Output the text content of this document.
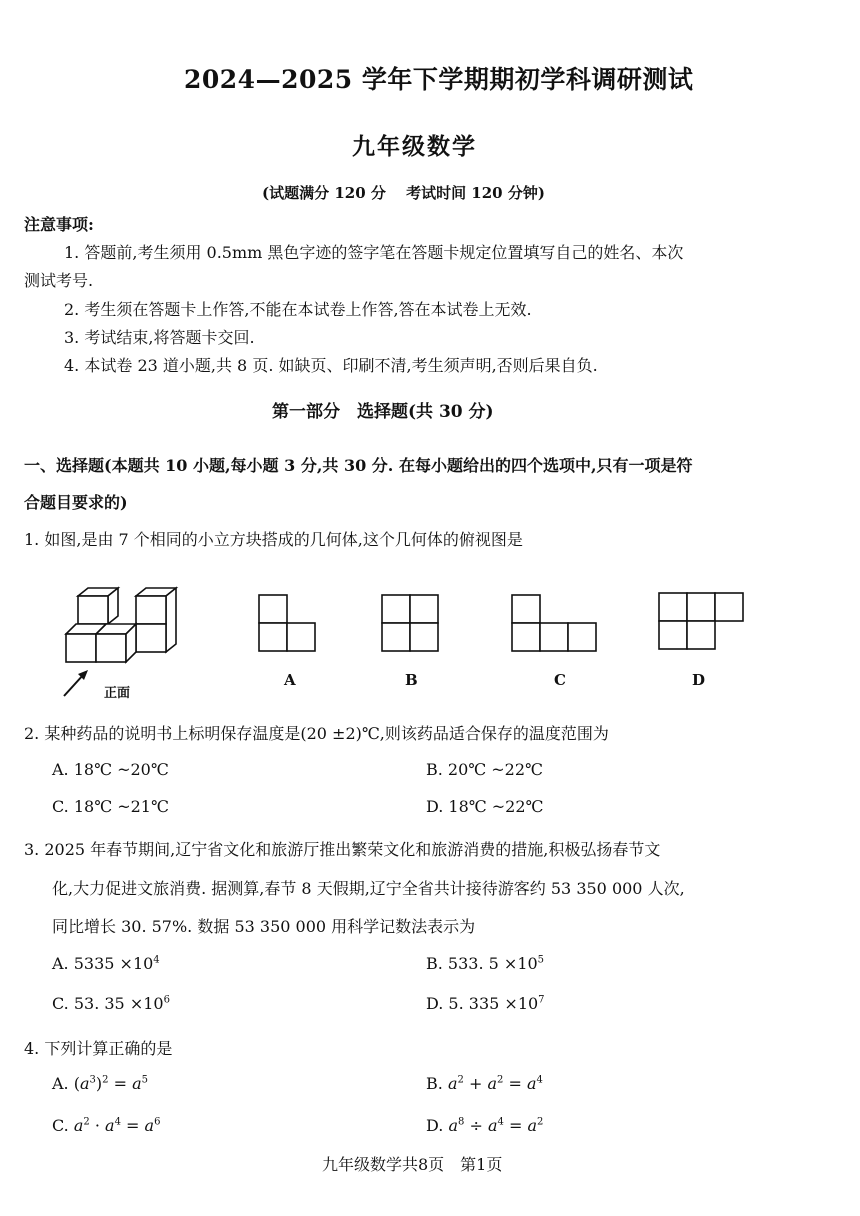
2024—2025 学年下学期期初学科调研测试
九年级数学
(试题满分 120 分　 考试时间 120 分钟)
注意事项:
1. 答题前,考生须用 0.5mm 黑色字迹的签字笔在答题卡规定位置填写自己的姓名、本次
测试考号.
2. 考生须在答题卡上作答,不能在本试卷上作答,答在本试卷上无效.
3. 考试结束,将答题卡交回.
4. 本试卷 23 道小题,共 8 页. 如缺页、印刷不清,考生须声明,否则后果自负.
第一部分　选择题(共 30 分)
一、选择题(本题共 10 小题,每小题 3 分,共 30 分. 在每小题给出的四个选项中,只有一项是符
合题目要求的)
1. 如图,是由 7 个相同的小立方块搭成的几何体,这个几何体的俯视图是
正面
A	B	C	D
2. 某种药品的说明书上标明保存温度是(20 ±2)℃,则该药品适合保存的温度范围为
A. 18℃ ~20℃	B. 20℃ ~22℃
C. 18℃ ~21℃	D. 18℃ ~22℃
3. 2025 年春节期间,辽宁省文化和旅游厅推出繁荣文化和旅游消费的措施,积极弘扬春节文
化,大力促进文旅消费. 据测算,春节 8 天假期,辽宁全省共计接待游客约 53 350 000 人次,
同比增长 30. 57%. 数据 53 350 000 用科学记数法表示为
A. $5335 \times 10^4$	B. 533. $5 \times 10^5$
C. 53. $35 \times 10^6$	D. 5. $335 \times 10^7$
4. 下列计算正确的是
A. $(a^3)^2 = a^5$	B. $a^2 + a^2 = a^4$
C. $a^2 \cdot a^4 = a^6$	D. $a^8 \div a^4 = a^2$
九年级数学共8页　第1页
